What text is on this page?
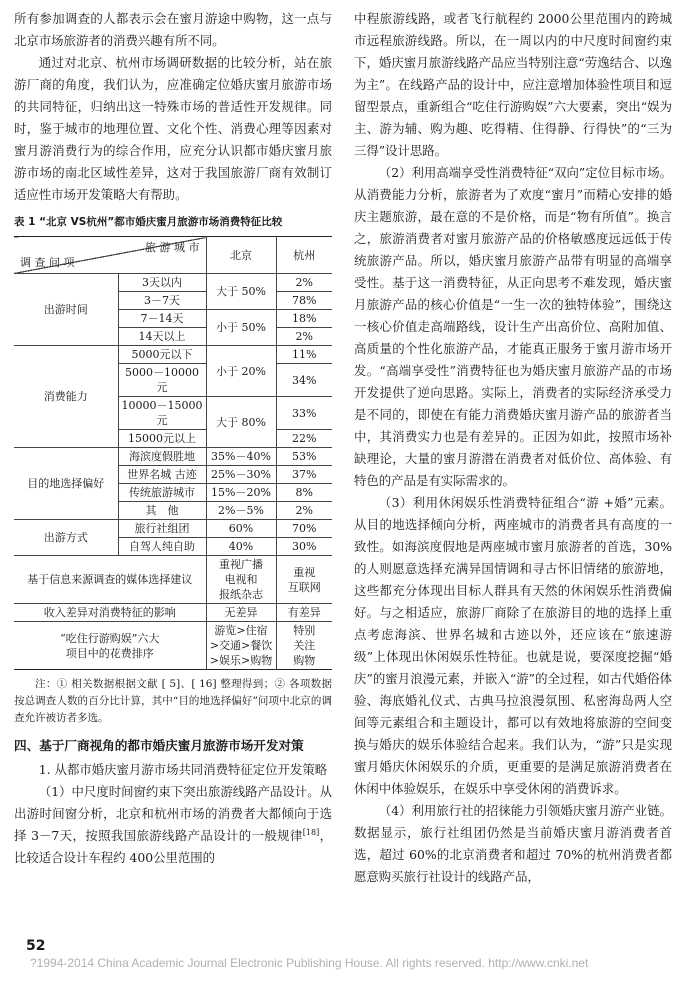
所有参加调查的人都表示会在蜜月游途中购物，这一点与北京市场旅游者的消费兴趣有所不同。

通过对北京、杭州市场调研数据的比较分析，站在旅游厂商的角度，我们认为，应准确定位婚庆蜜月旅游市场的共同特征，归纳出这一特殊市场的普适性开发规律。同时，鉴于城市的地理位置、文化个性、消费心理等因素对蜜月游消费行为的综合作用，应充分认识都市婚庆蜜月旅游市场的南北区域性差异，这对于我国旅游厂商有效制订适应性市场开发策略大有帮助。

表 1 “北京 VS杭州”都市婚庆蜜月旅游市场消费特征比较

旅 游 城 市
调 查 问 项		北京	杭州
出游时间	3天以内	大于 50%	2%
	3－7天		78%
	7－14天	小于 50%	18%
	14天以上		2%
消费能力	5000元以下	小于 20%	11%
	5000－10000元		34%
	10000－15000元	大于 80%	33%
	15000元以上		22%
目的地选择偏好	海滨度假胜地	35%－40%	53%
	世界名城 古迹	25%－30%	37%
	传统旅游城市	15%－20%	8%
	其　他	2%－5%	2%
出游方式	旅行社组团	60%	70%
	自驾人纯自助	40%	30%
基于信息来源调查的媒体选择建议		重视广播
电视和
报纸杂志	重视
互联网
收入差异对消费特征的影响		无差异	有差异
“吃住行游购娱”六大
项目中的花费排序		游览>住宿
>交通>餐饮
>娱乐>购物	特别
关注
购物

注：① 相关数据根据文献 [ 5]、[ 16] 整理得到；② 各项数据按总调查人数的百分比计算，其中“目的地选择偏好”问项中北京的调查允许被访者多选。

四、基于厂商视角的都市婚庆蜜月旅游市场开发对策

1. 从都市婚庆蜜月游市场共同消费特征定位开发策略

（1）中尺度时间窗约束下突出旅游线路产品设计。从出游时间窗分析，北京和杭州市场的消费者大都倾向于选择 3－7天，按照我国旅游线路产品设计的一般规律[18]，比较适合设计车程约 400公里范围的

中程旅游线路，或者飞行航程约 2000公里范围内的跨城市远程旅游线路。所以，在一周以内的中尺度时间窗约束下，婚庆蜜月旅游线路产品应当特别注意“劳逸结合、以逸为主”。在线路产品的设计中，应注意增加体验性项目和逗留型景点，重新组合“吃住行游购娱”六大要素，突出“娱为主、游为辅、购为趣、吃得精、住得静、行得快”的“三为三得”设计思路。

（2）利用高端享受性消费特征“双向”定位目标市场。从消费能力分析，旅游者为了欢度“蜜月”而精心安排的婚庆主题旅游，最在意的不是价格，而是“物有所值”。换言之，旅游消费者对蜜月旅游产品的价格敏感度远远低于传统旅游产品。所以，婚庆蜜月旅游产品带有明显的高端享受性。基于这一消费特征，从正向思考不难发现，婚庆蜜月旅游产品的核心价值是“一生一次的独特体验”，围绕这一核心价值走高端路线，设计生产出高价位、高附加值、高质量的个性化旅游产品，才能真正服务于蜜月游市场开发。“高端享受性”消费特征也为婚庆蜜月旅游产品的市场开发提供了逆向思路。实际上，消费者的实际经济承受力是不同的，即使在有能力消费婚庆蜜月游产品的旅游者当中，其消费实力也是有差异的。正因为如此，按照市场补缺理论，大量的蜜月游潜在消费者对低价位、高体验、有特色的产品是有实际需求的。

（3）利用休闲娱乐性消费特征组合“游 +婚”元素。从目的地选择倾向分析，两座城市的消费者具有高度的一致性。如海滨度假地是两座城市蜜月旅游者的首选，30%的人则愿意选择充满异国情调和寻古怀旧情绪的旅游地，这些都充分体现出目标人群具有天然的休闲娱乐性消费偏好。与之相适应，旅游厂商除了在旅游目的地的选择上重点考虑海滨、世界名城和古迹以外，还应该在“旅速游级”上体现出休闲娱乐性特征。也就是说，要深度挖掘“婚庆”的蜜月浪漫元素，并嵌入“游”的全过程，如古代婚俗体验、海底婚礼仪式、古典马拉浪漫氛围、私密海岛两人空间等元素组合和主题设计，都可以有效地将旅游的空间变换与婚庆的娱乐体验结合起来。我们认为，“游”只是实现蜜月婚庆休闲娱乐的介质，更重要的是满足旅游消费者在休闲中体验娱乐，在娱乐中享受休闲的消费诉求。

（4）利用旅行社的招徕能力引领婚庆蜜月游产业链。数据显示，旅行社组团仍然是当前婚庆蜜月游消费者首选，超过 60%的北京消费者和超过 70%的杭州消费者都愿意购买旅行社设计的线路产品，

52
?1994-2014 China Academic Journal Electronic Publishing House. All rights reserved. http://www.cnki.net
